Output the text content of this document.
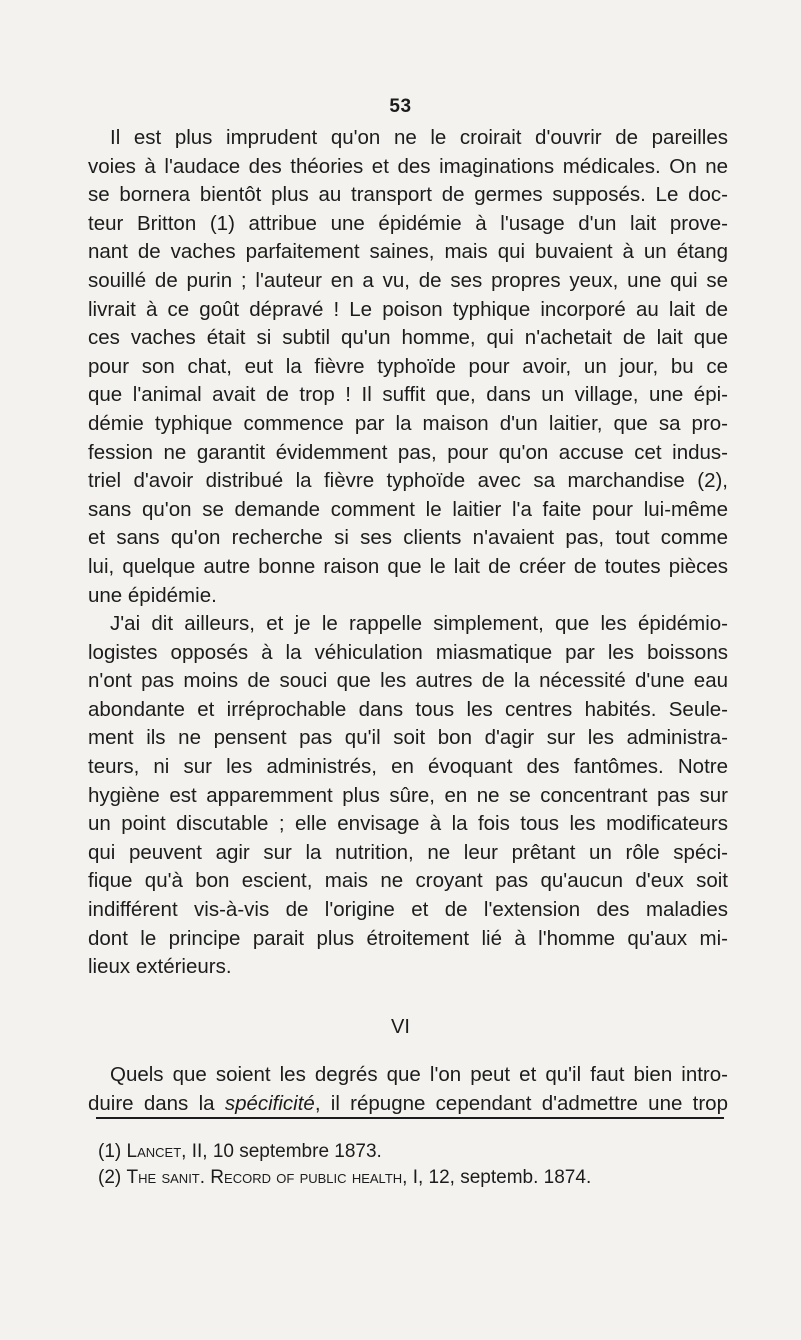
53
Il est plus imprudent qu'on ne le croirait d'ouvrir de pareilles
voies à l'audace des théories et des imaginations médicales. On ne
se bornera bientôt plus au transport de germes supposés. Le doc-
teur Britton (1) attribue une épidémie à l'usage d'un lait prove-
nant de vaches parfaitement saines, mais qui buvaient à un étang
souillé de purin ; l'auteur en a vu, de ses propres yeux, une qui se
livrait à ce goût dépravé ! Le poison typhique incorporé au lait de
ces vaches était si subtil qu'un homme, qui n'achetait de lait que
pour son chat, eut la fièvre typhoïde pour avoir, un jour, bu ce
que l'animal avait de trop ! Il suffit que, dans un village, une épi-
démie typhique commence par la maison d'un laitier, que sa pro-
fession ne garantit évidemment pas, pour qu'on accuse cet indus-
triel d'avoir distribué la fièvre typhoïde avec sa marchandise (2),
sans qu'on se demande comment le laitier l'a faite pour lui-même
et sans qu'on recherche si ses clients n'avaient pas, tout comme
lui, quelque autre bonne raison que le lait de créer de toutes pièces
une épidémie.
J'ai dit ailleurs, et je le rappelle simplement, que les épidémio-
logistes opposés à la véhiculation miasmatique par les boissons
n'ont pas moins de souci que les autres de la nécessité d'une eau
abondante et irréprochable dans tous les centres habités. Seule-
ment ils ne pensent pas qu'il soit bon d'agir sur les administra-
teurs, ni sur les administrés, en évoquant des fantômes. Notre
hygiène est apparemment plus sûre, en ne se concentrant pas sur
un point discutable ; elle envisage à la fois tous les modificateurs
qui peuvent agir sur la nutrition, ne leur prêtant un rôle spéci-
fique qu'à bon escient, mais ne croyant pas qu'aucun d'eux soit
indifférent vis-à-vis de l'origine et de l'extension des maladies
dont le principe parait plus étroitement lié à l'homme qu'aux mi-
lieux extérieurs.
VI
Quels que soient les degrés que l'on peut et qu'il faut bien intro-
duire dans la spécificité, il répugne cependant d'admettre une trop
(1) Lancet, II, 10 septembre 1873.
(2) The sanit. Record of public health, I, 12, septemb. 1874.
